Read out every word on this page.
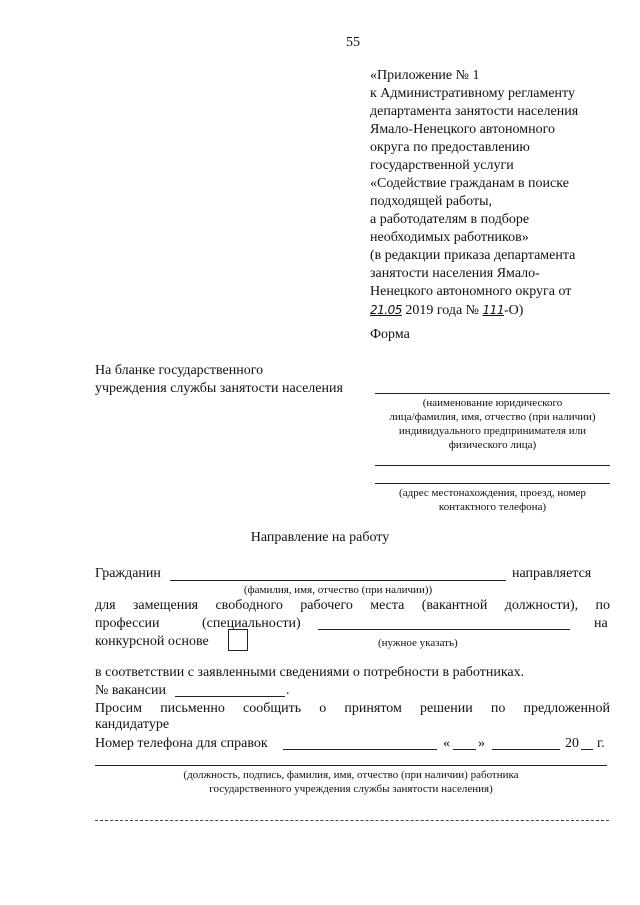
55
«Приложение № 1
к Административному регламенту
департамента занятости населения
Ямало-Ненецкого автономного
округа по предоставлению
государственной услуги
«Содействие гражданам в поиске
подходящей работы,
а работодателям в подборе
необходимых работников»
(в редакции приказа департамента
занятости населения Ямало-
Ненецкого автономного округа от
21.05 2019 года № 111-О)
Форма
На бланке государственного
учреждения службы занятости населения
(наименование юридического
лица/фамилия, имя, отчество (при наличии)
индивидуального предпринимателя или
физического лица)
(адрес местонахождения, проезд, номер
контактного телефона)
Направление на работу
Гражданин	направляется
(фамилия, имя, отчество (при наличии))
для замещения свободного рабочего места (вакантной должности), по
профессии	(специальности)	на
конкурсной основе	(нужное указать)
в соответствии с заявленными сведениями о потребности в работниках.
№ вакансии	.
Просим письменно сообщить о принятом решении по предложенной
кандидатуре
Номер телефона для справок	« »	20 г.
(должность, подпись, фамилия, имя, отчество (при наличии) работника
государственного учреждения службы занятости населения)
